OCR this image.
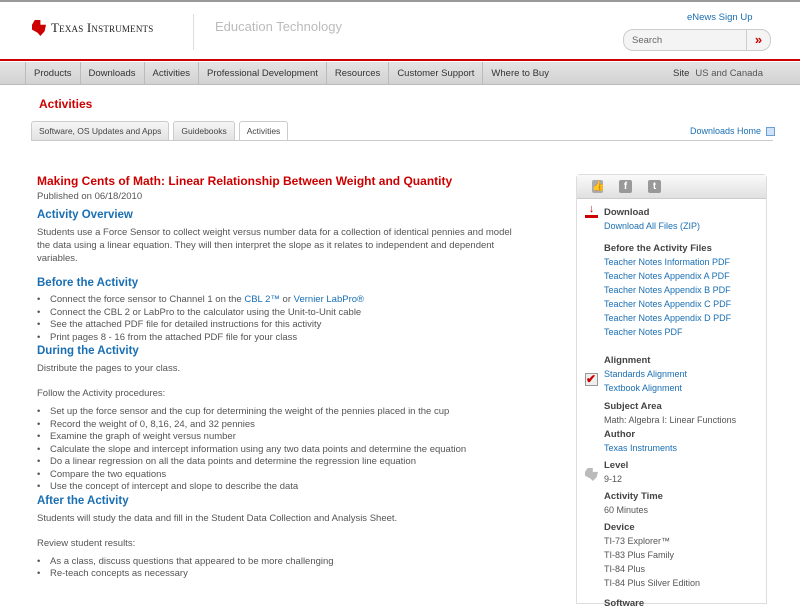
Texas Instruments	Education Technology
eNews Sign Up
Search	»
Products	Downloads	Activities	Professional Development	Resources	Customer Support	Where to Buy	Site US and Canada
Activities
Software, OS Updates and Apps	Guidebooks	Activities	Downloads Home
Making Cents of Math: Linear Relationship Between Weight and Quantity
Published on 06/18/2010
Activity Overview

Students use a Force Sensor to collect weight versus number data for a collection of identical pennies and model the data using a linear equation. They will then interpret the slope as it relates to independent and dependent variables.

Before the Activity
• Connect the force sensor to Channel 1 on the CBL 2™ or Vernier LabPro®
• Connect the CBL 2 or LabPro to the calculator using the Unit-to-Unit cable
• See the attached PDF file for detailed instructions for this activity
• Print pages 8 - 16 from the attached PDF file for your class
During the Activity

Distribute the pages to your class.

Follow the Activity procedures:

• Set up the force sensor and the cup for determining the weight of the pennies placed in the cup
• Record the weight of 0, 8,16, 24, and 32 pennies
• Examine the graph of weight versus number
• Calculate the slope and intercept information using any two data points and determine the equation
• Do a linear regression on all the data points and determine the regression line equation
• Compare the two equations
• Use the concept of intercept and slope to describe the data
After the Activity

Students will study the data and fill in the Student Data Collection and Analysis Sheet.

Review student results:

• As a class, discuss questions that appeared to be more challenging
• Re-teach concepts as necessary
👍	f	t
↓	Download
Download All Files (ZIP)
Before the Activity Files
Teacher Notes Information PDF
Teacher Notes Appendix A PDF
Teacher Notes Appendix B PDF
Teacher Notes Appendix C PDF
Teacher Notes Appendix D PDF
Teacher Notes PDF
✔
Alignment
Standards Alignment
Textbook Alignment
Subject Area
Math: Algebra I: Linear Functions
Author
Texas Instruments
Level
9-12
Activity Time
60 Minutes
Device
TI-73 Explorer™
TI-83 Plus Family
TI-84 Plus
TI-84 Plus Silver Edition
Software
